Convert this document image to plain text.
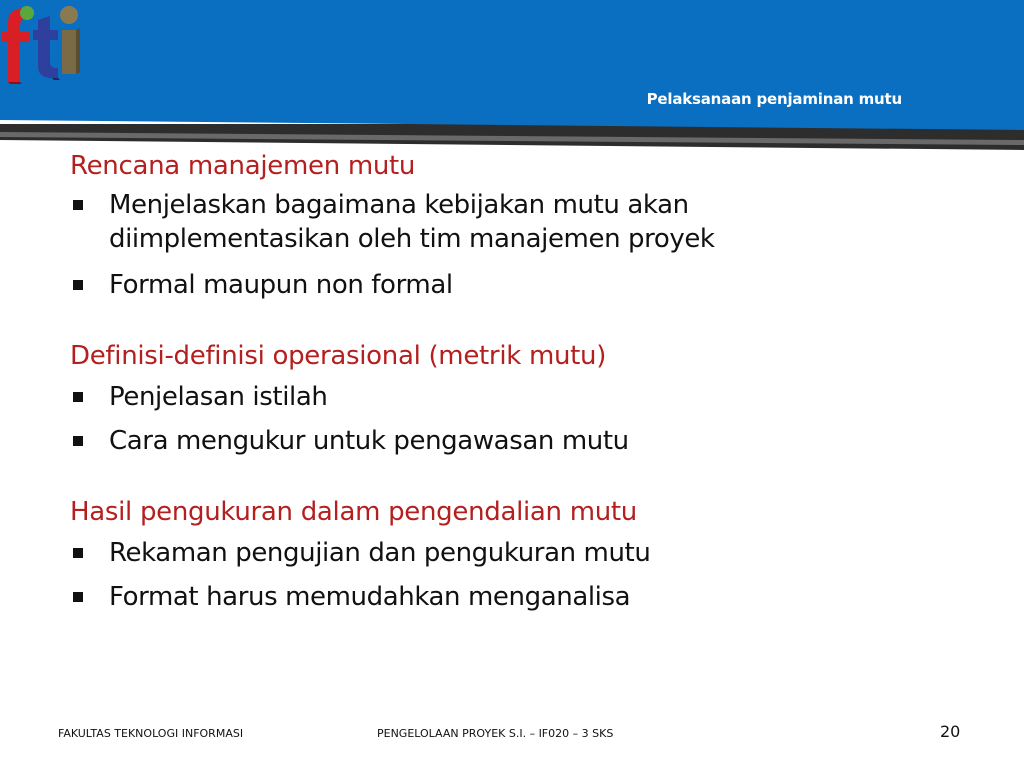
Pelaksanaan penjaminan mutu

Rencana manajemen mutu

Menjelaskan bagaimana kebijakan mutu akan diimplementasikan oleh tim manajemen proyek
Formal maupun non formal

Definisi-definisi operasional (metrik mutu)

Penjelasan istilah
Cara mengukur untuk pengawasan mutu

Hasil pengukuran dalam pengendalian mutu

Rekaman pengujian dan pengukuran mutu
Format harus memudahkan menganalisa
FAKULTAS TEKNOLOGI INFORMASI	PENGELOLAAN PROYEK S.I. – IF020 – 3 SKS	20
